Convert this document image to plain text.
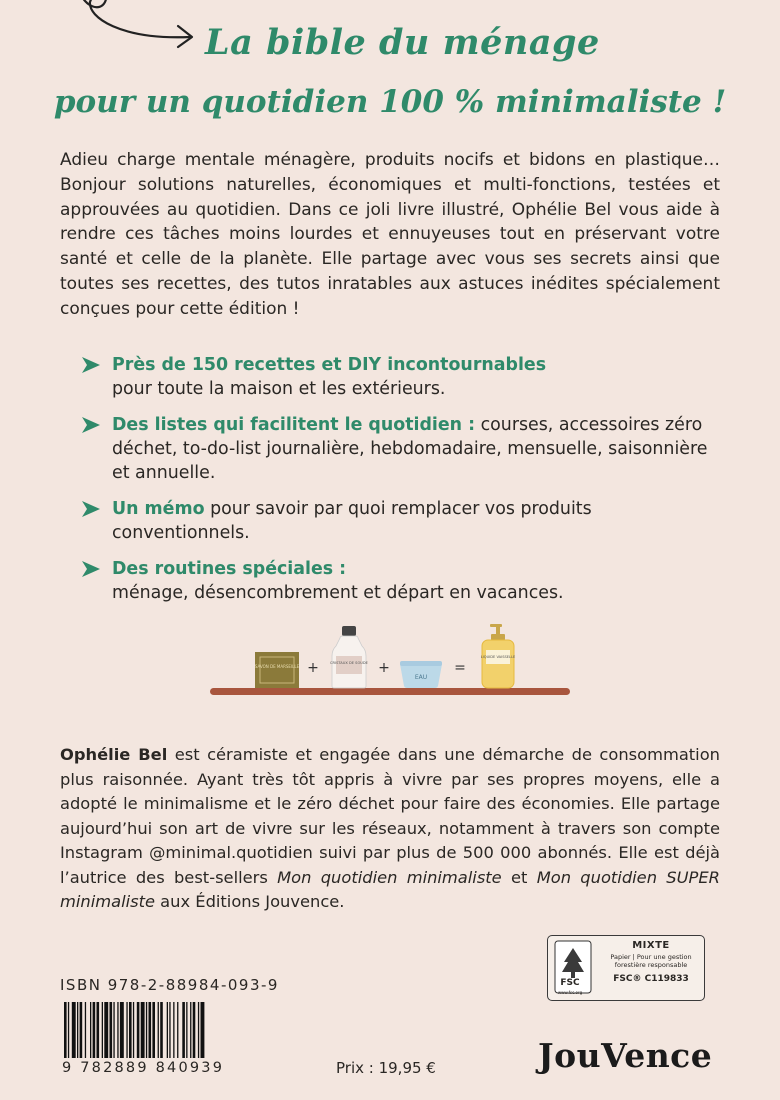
La bible du ménage
pour un quotidien 100 % minimaliste !
Adieu charge mentale ménagère, produits nocifs et bidons en plastique… Bonjour solutions naturelles, économiques et multi-fonctions, testées et approuvées au quotidien. Dans ce joli livre illustré, Ophélie Bel vous aide à rendre ces tâches moins lourdes et ennuyeuses tout en préservant votre santé et celle de la planète. Elle partage avec vous ses secrets ainsi que toutes ses recettes, des tutos inratables aux astuces inédites spécialement conçues pour cette édition !
Près de 150 recettes et DIY incontournables
pour toute la maison et les extérieurs.
Des listes qui facilitent le quotidien : courses, accessoires zéro déchet, to-do-list journalière, hebdomadaire, mensuelle, saisonnière et annuelle.
Un mémo pour savoir par quoi remplacer vos produits conventionnels.
Des routines spéciales :
ménage, désencombrement et départ en vacances.
SAVON DE MARSEILLE +	CRISTAUX DE SOUDE +
EAU
=
LIQUIDE VAISSELLE
Ophélie Bel est céramiste et engagée dans une démarche de consommation plus raisonnée. Ayant très tôt appris à vivre par ses propres moyens, elle a adopté le minimalisme et le zéro déchet pour faire des économies. Elle partage aujourd’hui son art de vivre sur les réseaux, notamment à travers son compte Instagram @minimal.quotidien suivi par plus de 500 000 abonnés. Elle est déjà l’autrice des best-sellers Mon quotidien minimaliste et Mon quotidien SUPER minimaliste aux Éditions Jouvence.
FSC
www.fsc.org
MIXTE
Papier | Pour une gestion forestière responsable
FSC® C119833
ISBN 978-2-88984-093-9
9 782889 840939	Prix : 19,95 €	JouVence
